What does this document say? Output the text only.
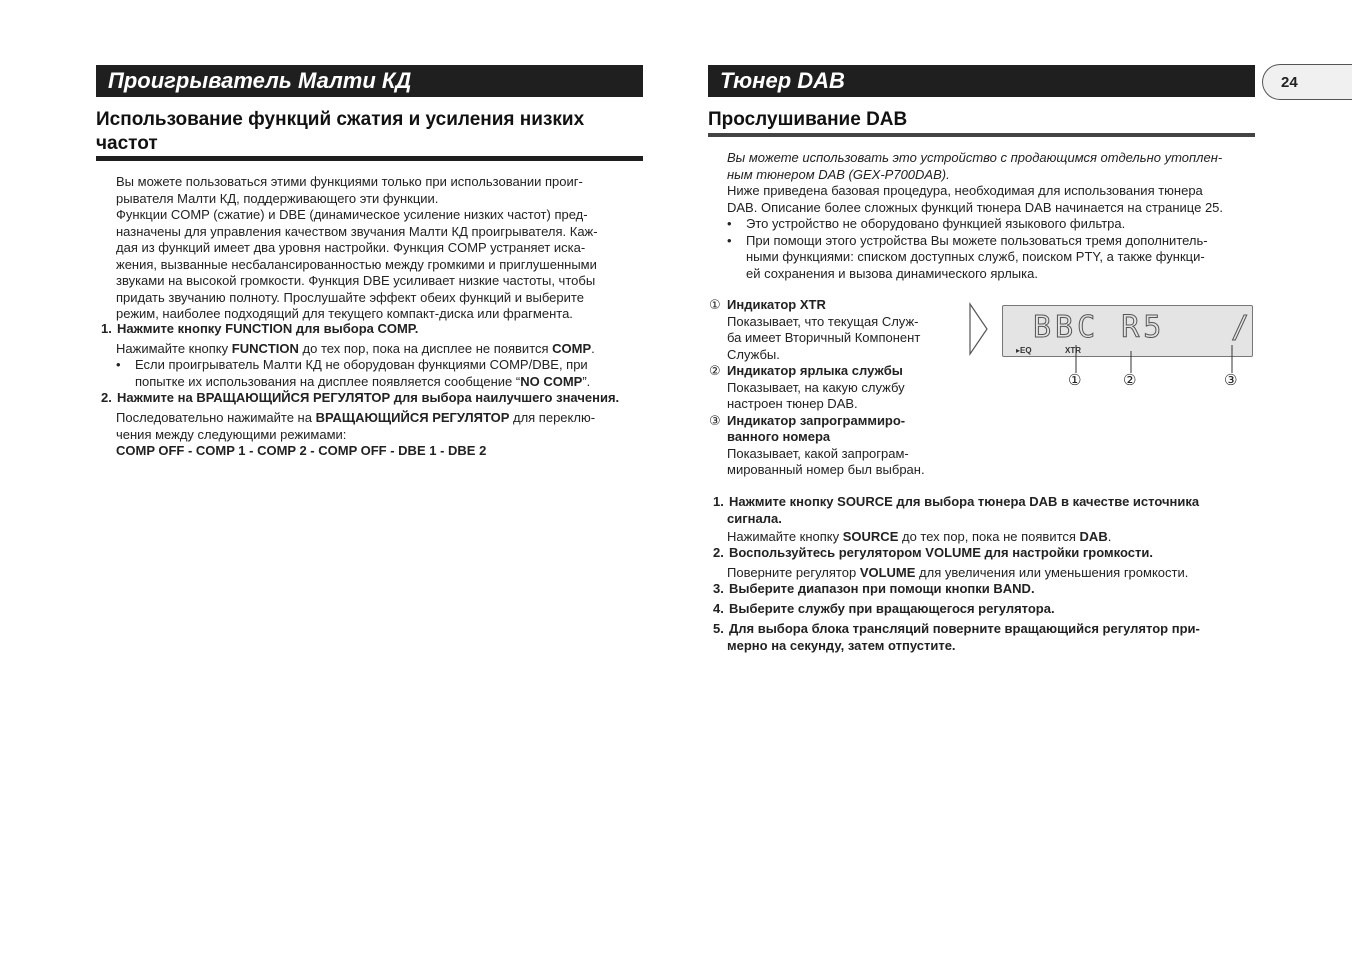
Проигрыватель Малти КД
Использование функций сжатия и усиления низких
частот
Вы можете пользоваться этими функциями только при использовании проиг-
рывателя Малти КД, поддерживающего эти функции.
Функции COMP (сжатие) и DBE (динамическое усиление низких частот) пред-
назначены для управления качеством звучания Малти КД проигрывателя. Каж-
дая из функций имеет два уровня настройки. Функция COMP устраняет иска-
жения, вызванные несбалансированностью между громкими и приглушенными
звуками на высокой громкости. Функция DBE усиливает низкие частоты, чтобы
придать звучанию полноту. Прослушайте эффект обеих функций и выберите
режим, наиболее подходящий для текущего компакт-диска или фрагмента.
1. Нажмите кнопку FUNCTION для выбора COMP.
Нажимайте кнопку FUNCTION до тех пор, пока на дисплее не появится COMP.
• Если проигрыватель Малти КД не оборудован функциями COMP/DBE, при
попытке их использования на дисплее появляется сообщение “NO COMP”.
2. Нажмите на ВРАЩАЮЩИЙСЯ РЕГУЛЯТОР для выбора наилучшего значения.
Последовательно нажимайте на ВРАЩАЮЩИЙСЯ РЕГУЛЯТОР для переклю-
чения между следующими режимами:
COMP OFF - COMP 1 - COMP 2 - COMP OFF - DBE 1 - DBE 2
Тюнер DAB	24
Прослушивание DAB
Вы можете использовать это устройство с продающимся отдельно утоплен-
ным тюнером DAB (GEX-P700DAB).
Ниже приведена базовая процедура, необходимая для использования тюнера
DAB. Описание более сложных функций тюнера DAB начинается на странице 25.
• Это устройство не оборудовано функцией языкового фильтра.
• При помощи этого устройства Вы можете пользоваться тремя дополнитель-
ными функциями: списком доступных служб, поиском PTY, а также функци-
ей сохранения и вызова динамического ярлыка.
① Индикатор XTR
Показывает, что текущая Служ-
ба имеет Вторичный Компонент
Службы.
② Индикатор ярлыка службы
Показывает, на какую службу
настроен тюнер DAB.
③ Индикатор запрограммиро-
ванного номера
Показывает, какой запрограм-
мированный номер был выбран.
BBC R5 /
▸EQ	XTR
①	②	③
1. Нажмите кнопку SOURCE для выбора тюнера DAB в качестве источника
сигнала.
Нажимайте кнопку SOURCE до тех пор, пока не появится DAB.
2. Воспользуйтесь регулятором VOLUME для настройки громкости.
Поверните регулятор VOLUME для увеличения или уменьшения громкости.
3. Выберите диапазон при помощи кнопки BAND.
4. Выберите службу при вращающегося регулятора.
5. Для выбора блока трансляций поверните вращающийся регулятор при-
мерно на секунду, затем отпустите.
